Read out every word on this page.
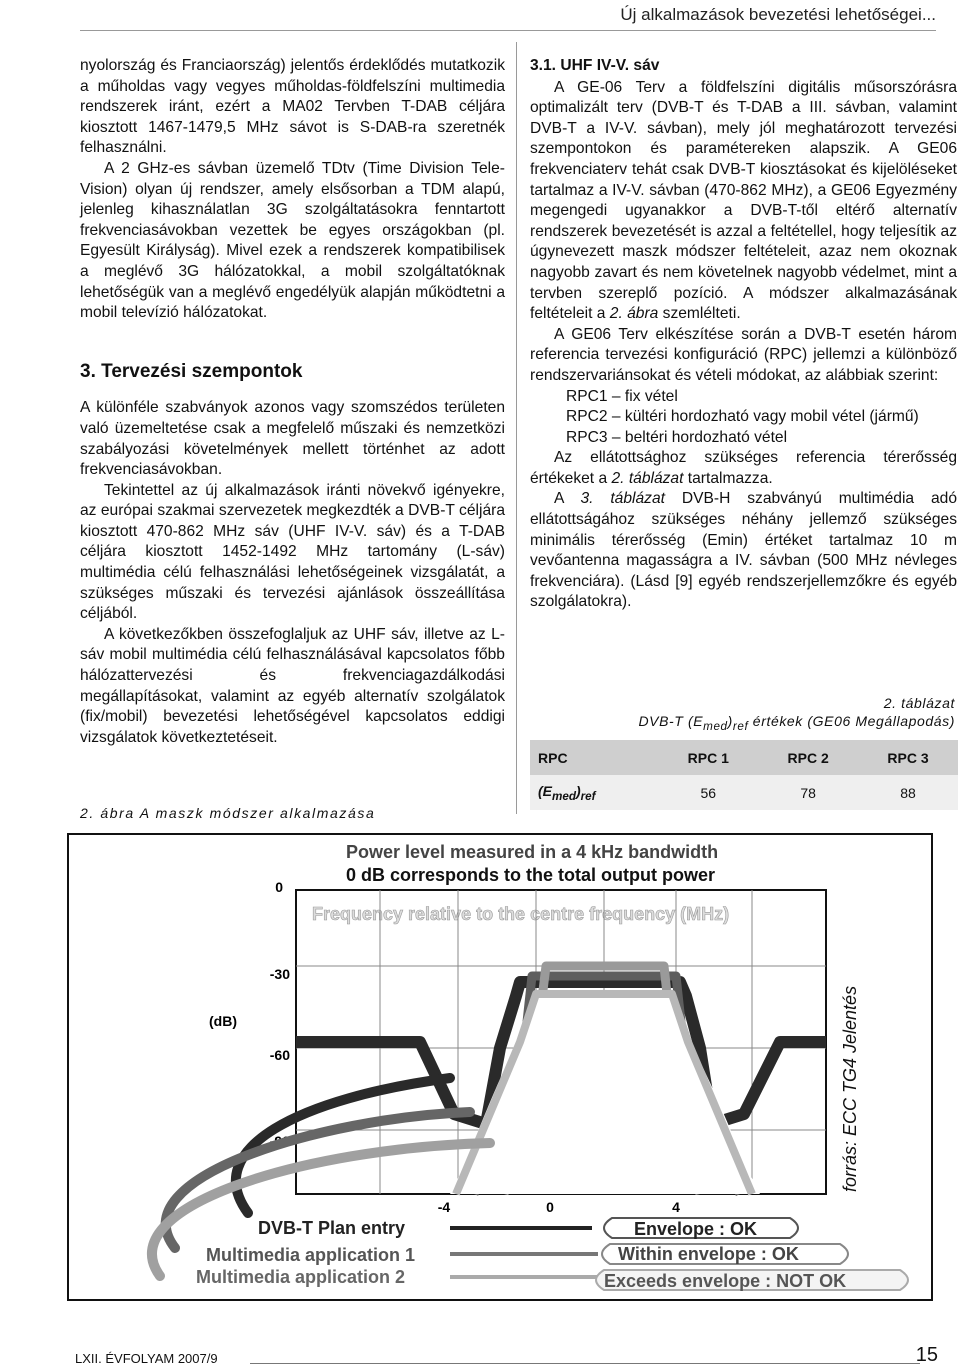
Új alkalmazások bevezetési lehetőségei...

nyolország és Franciaország) jelentős érdeklődés mutatkozik a műholdas vagy vegyes műholdas-földfelszíni multimedia rendszerek iránt, ezért a MA02 Tervben T-DAB céljára kiosztott 1467-1479,5 MHz sávot is S-DAB-ra szeretnék felhasználni.

A 2 GHz-es sávban üzemelő TDtv (Time Division Tele-Vision) olyan új rendszer, amely elsősorban a TDM alapú, jelenleg kihasználatlan 3G szolgáltatásokra fenntartott frekvenciasávokban vezettek be egyes országokban (pl. Egyesült Királyság). Mivel ezek a rendszerek kompatibilisek a meglévő 3G hálózatokkal, a mobil szolgáltatóknak lehetőségük van a meglévő engedélyük alapján működtetni a mobil televízió hálózatokat.

3. Tervezési szempontok

A különféle szabványok azonos vagy szomszédos területen való üzemeltetése csak a megfelelő műszaki és nemzetközi szabályozási követelmények mellett történhet az adott frekvenciasávokban.

Tekintettel az új alkalmazások iránti növekvő igényekre, az európai szakmai szervezetek megkezdték a DVB-T céljára kiosztott 470-862 MHz sáv (UHF IV-V. sáv) és a T-DAB céljára kiosztott 1452-1492 MHz tartomány (L-sáv) multimédia célú felhasználási lehetőségeinek vizsgálatát, a szükséges műszaki és tervezési ajánlások összeállítása céljából.

A következőkben összefoglaljuk az UHF sáv, illetve az L-sáv mobil multimédia célú felhasználásával kapcsolatos főbb hálózattervezési és frekvenciagazdálkodási megállapításokat, valamint az egyéb alternatív szolgálatok (fix/mobil) bevezetési lehetőségével kapcsolatos eddigi vizsgálatok következtetéseit.

3.1. UHF IV-V. sáv

A GE-06 Terv a földfelszíni digitális műsorszórásra optimalizált terv (DVB-T és T-DAB a III. sávban, valamint DVB-T a IV-V. sávban), mely jól meghatározott tervezési szempontokon és paramétereken alapszik. A GE06 frekvenciaterv tehát csak DVB-T kiosztásokat és kijelöléseket tartalmaz a IV-V. sávban (470-862 MHz), a GE06 Egyezmény megengedi ugyanakkor a DVB-T-től eltérő alternatív rendszerek bevezetését is azzal a feltétellel, hogy teljesítik az úgynevezett maszk módszer feltételeit, azaz nem okoznak nagyobb zavart és nem követelnek nagyobb védelmet, mint a tervben szereplő pozíció. A módszer alkalmazásának feltételeit a 2. ábra szemlélteti.

A GE06 Terv elkészítése során a DVB-T esetén három referencia tervezési konfiguráció (RPC) jellemzi a különböző rendszervariánsokat és vételi módokat, az alábbiak szerint:

RPC1 – fix vétel

RPC2 – kültéri hordozható vagy mobil vétel (jármű)

RPC3 – beltéri hordozható vétel

Az ellátottsághoz szükséges referencia térerősség értékeket a 2. táblázat tartalmazza.

A 3. táblázat DVB-H szabványú multimédia adó ellátottságához szükséges néhány jellemző szükséges minimális térerősség (Emin) értéket tartalmaz 10 m vevőantenna magasságra a IV. sávban (500 MHz névleges frekvenciára). (Lásd [9] egyéb rendszerjellemzőkre és egyéb szolgálatokra).

2. táblázat
DVB-T $(E_{med})_{ref}$ értékek (GE06 Megállapodás)
RPC	RPC 1	RPC 2	RPC 3
$(E_{med})_{ref}$	56	78	88
2. ábra A maszk módszer alkalmazása
Power level measured in a 4 kHz bandwidth
0 dB corresponds to the total output power
Frequency relative to the centre frequency (MHz)
0
-30
-60
-90
(dB)
-4	0	4
forrás: ECC TG4 Jelentés
DVB-T Plan entry
Multimedia application 1
Multimedia application 2
Envelope : OK
Within envelope : OK
Exceeds envelope : NOT OK
LXII. ÉVFOLYAM 2007/9	15
